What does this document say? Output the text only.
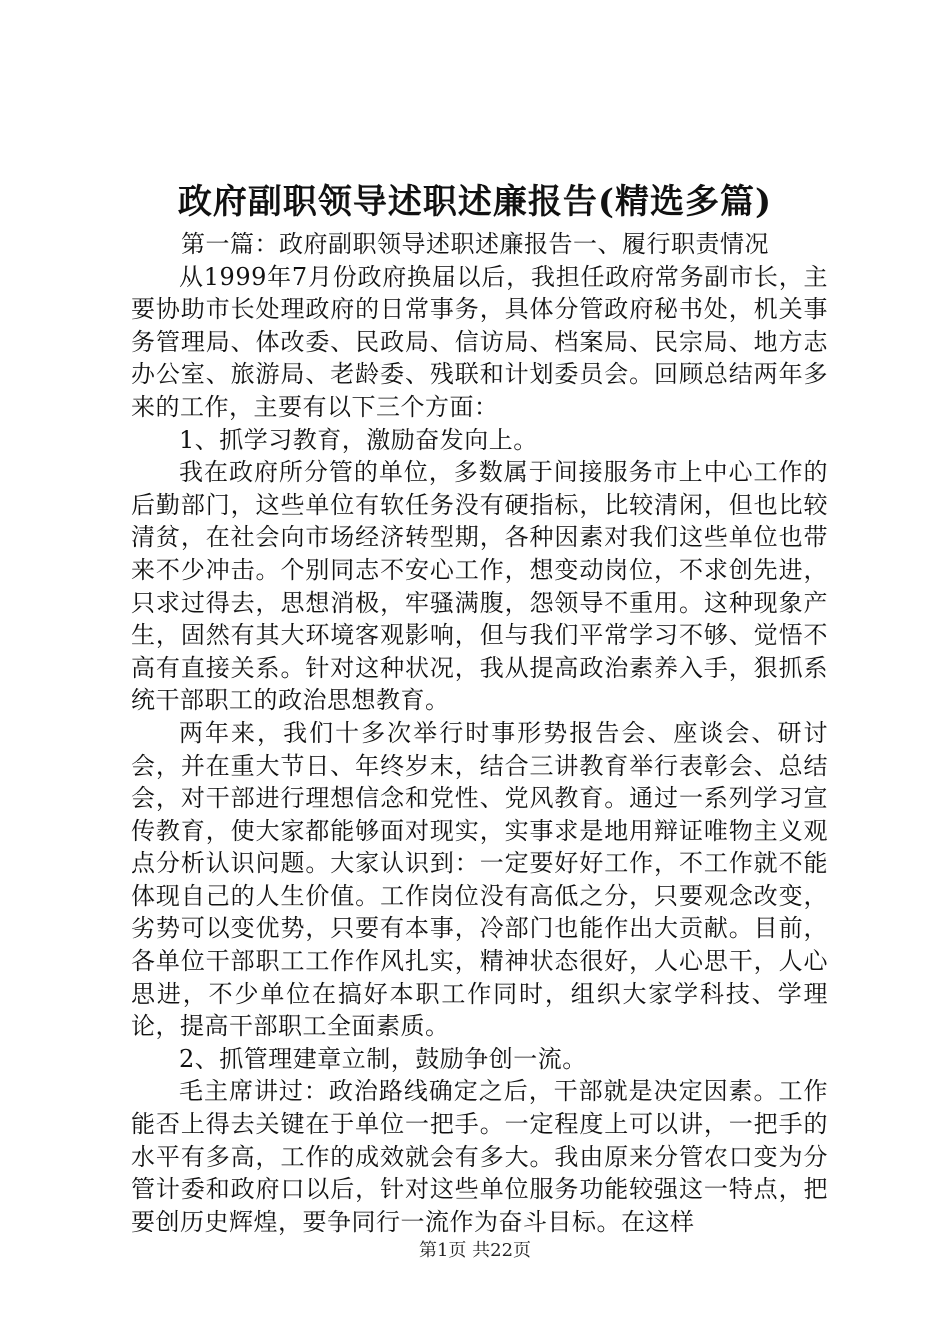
政府副职领导述职述廉报告(精选多篇)

第一篇：政府副职领导述职述廉报告一、履行职责情况

从1999年7月份政府换届以后，我担任政府常务副市长，主要协助市长处理政府的日常事务，具体分管政府秘书处，机关事务管理局、体改委、民政局、信访局、档案局、民宗局、地方志办公室、旅游局、老龄委、残联和计划委员会。回顾总结两年多来的工作，主要有以下三个方面：

1、抓学习教育，激励奋发向上。

我在政府所分管的单位，多数属于间接服务市上中心工作的后勤部门，这些单位有软任务没有硬指标，比较清闲，但也比较清贫，在社会向市场经济转型期，各种因素对我们这些单位也带来不少冲击。个别同志不安心工作，想变动岗位，不求创先进，只求过得去，思想消极，牢骚满腹，怨领导不重用。这种现象产生，固然有其大环境客观影响，但与我们平常学习不够、觉悟不高有直接关系。针对这种状况，我从提高政治素养入手，狠抓系统干部职工的政治思想教育。

两年来，我们十多次举行时事形势报告会、座谈会、研讨会，并在重大节日、年终岁末，结合三讲教育举行表彰会、总结会，对干部进行理想信念和党性、党风教育。通过一系列学习宣传教育，使大家都能够面对现实，实事求是地用辩证唯物主义观点分析认识问题。大家认识到：一定要好好工作，不工作就不能体现自己的人生价值。工作岗位没有高低之分，只要观念改变，劣势可以变优势，只要有本事，冷部门也能作出大贡献。目前，各单位干部职工工作作风扎实，精神状态很好，人心思干，人心思进，不少单位在搞好本职工作同时，组织大家学科技、学理论，提高干部职工全面素质。

2、抓管理建章立制，鼓励争创一流。

毛主席讲过：政治路线确定之后，干部就是决定因素。工作能否上得去关键在于单位一把手。一定程度上可以讲，一把手的水平有多高，工作的成效就会有多大。我由原来分管农口变为分管计委和政府口以后，针对这些单位服务功能较强这一特点，把要创历史辉煌，要争同行一流作为奋斗目标。在这样

第1页 共22页
